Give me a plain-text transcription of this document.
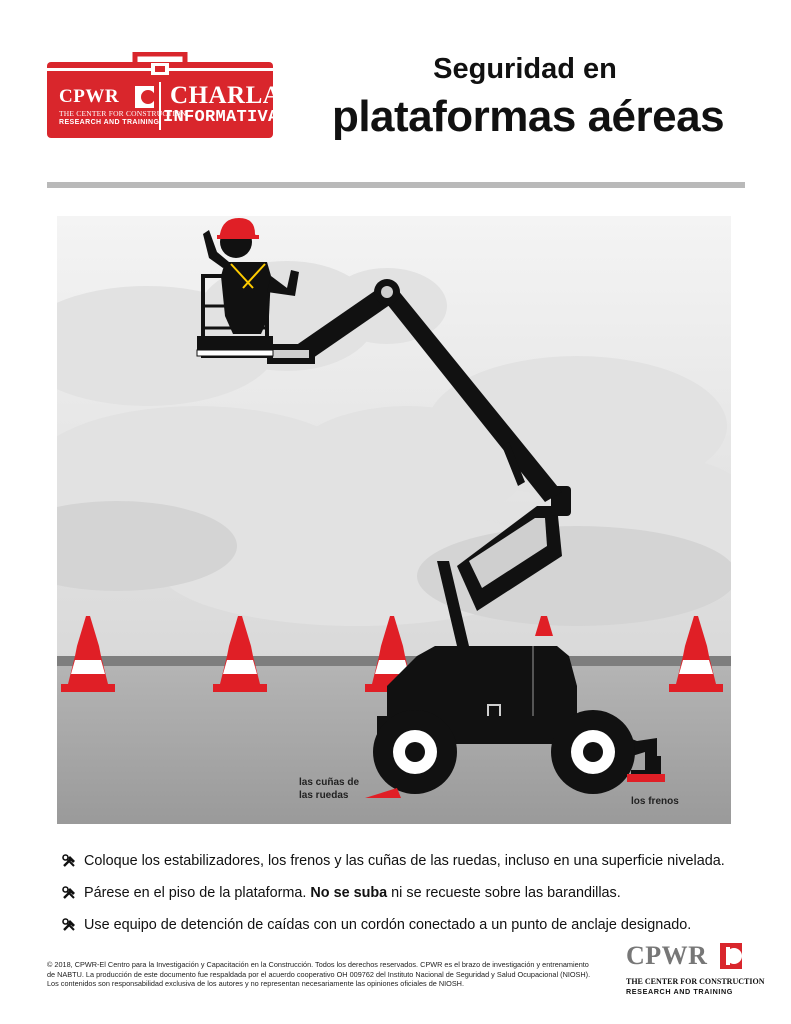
CPWR
THE CENTER FOR CONSTRUCTION
RESEARCH AND TRAINING
CHARLA
INFORMATIVA
Seguridad en
plataformas aéreas
las cuñas de
las ruedas
los frenos
Coloque los estabilizadores, los frenos y las cuñas de las ruedas, incluso en una superficie nivelada.
Párese en el piso de la plataforma. No se suba ni se recueste sobre las barandillas.
Use equipo de detención de caídas con un cordón conectado a un punto de anclaje designado.
© 2018, CPWR-El Centro para la Investigación y Capacitación en la Construcción. Todos los derechos reservados. CPWR es el brazo de investigación y entrenamiento de NABTU. La producción de este documento fue respaldada por el acuerdo cooperativo OH 009762 del Instituto Nacional de Seguridad y Salud Ocupacional (NIOSH). Los contenidos son responsabilidad exclusiva de los autores y no representan necesariamente las opiniones oficiales de NIOSH.
CPWR
THE CENTER FOR CONSTRUCTION
RESEARCH AND TRAINING
